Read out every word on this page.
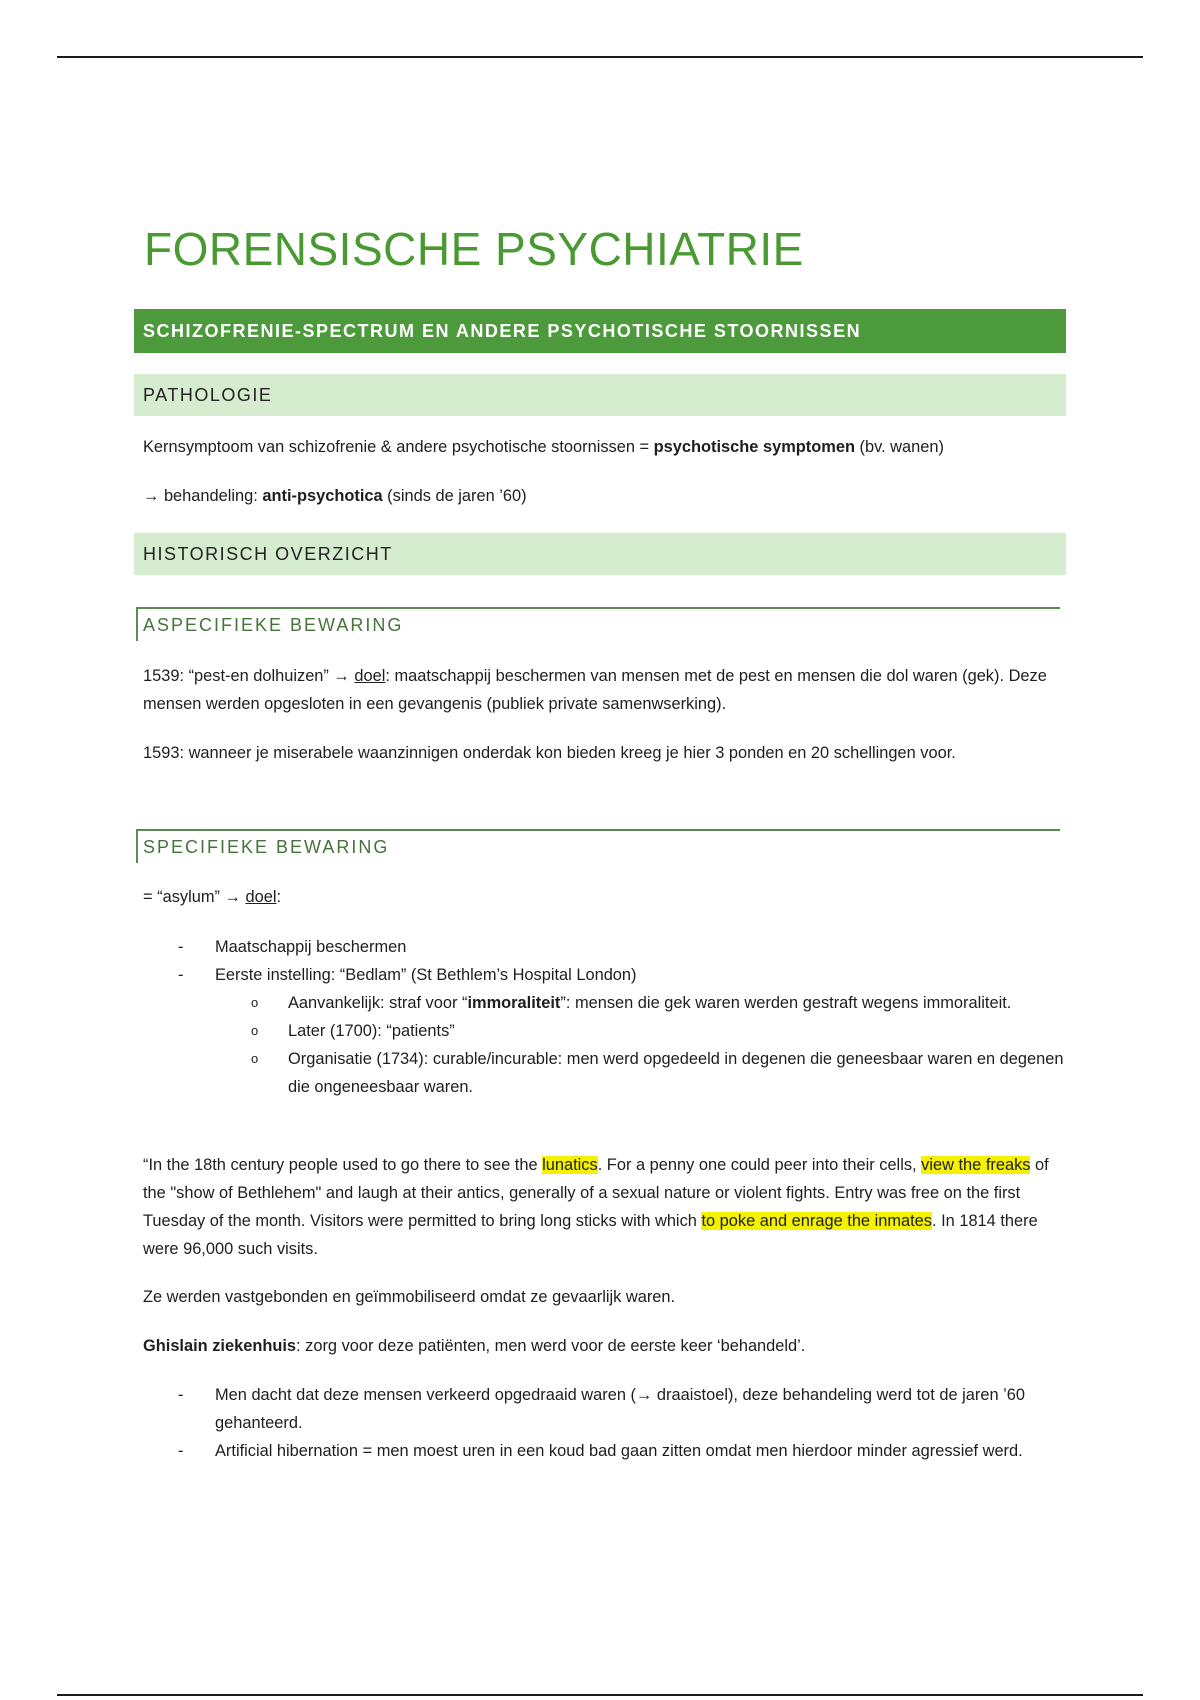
FORENSISCHE PSYCHIATRIE
SCHIZOFRENIE-SPECTRUM EN ANDERE PSYCHOTISCHE STOORNISSEN
PATHOLOGIE

Kernsymptoom van schizofrenie & andere psychotische stoornissen = psychotische symptomen (bv. wanen)

→ behandeling: anti-psychotica (sinds de jaren ’60)

HISTORISCH OVERZICHT
ASPECIFIEKE BEWARING

1539: “pest-en dolhuizen” → doel: maatschappij beschermen van mensen met de pest en mensen die dol waren (gek). Deze mensen werden opgesloten in een gevangenis (publiek private samenwserking).

1593: wanneer je miserabele waanzinnigen onderdak kon bieden kreeg je hier 3 ponden en 20 schellingen voor.

SPECIFIEKE BEWARING

= “asylum” → doel:

- Maatschappij beschermen
- Eerste instelling: “Bedlam” (St Bethlem’s Hospital London)
o Aanvankelijk: straf voor “immoraliteit”: mensen die gek waren werden gestraft wegens immoraliteit.
o Later (1700): “patients”
o Organisatie (1734): curable/incurable: men werd opgedeeld in degenen die geneesbaar waren en degenen die ongeneesbaar waren.

“In the 18th century people used to go there to see the lunatics. For a penny one could peer into their cells, view the freaks of the "show of Bethlehem" and laugh at their antics, generally of a sexual nature or violent fights. Entry was free on the first Tuesday of the month. Visitors were permitted to bring long sticks with which to poke and enrage the inmates. In 1814 there were 96,000 such visits.

Ze werden vastgebonden en geïmmobiliseerd omdat ze gevaarlijk waren.

Ghislain ziekenhuis: zorg voor deze patiënten, men werd voor de eerste keer ‘behandeld’.

- Men dacht dat deze mensen verkeerd opgedraaid waren (→ draaistoel), deze behandeling werd tot de jaren ’60 gehanteerd.
- Artificial hibernation = men moest uren in een koud bad gaan zitten omdat men hierdoor minder agressief werd.
